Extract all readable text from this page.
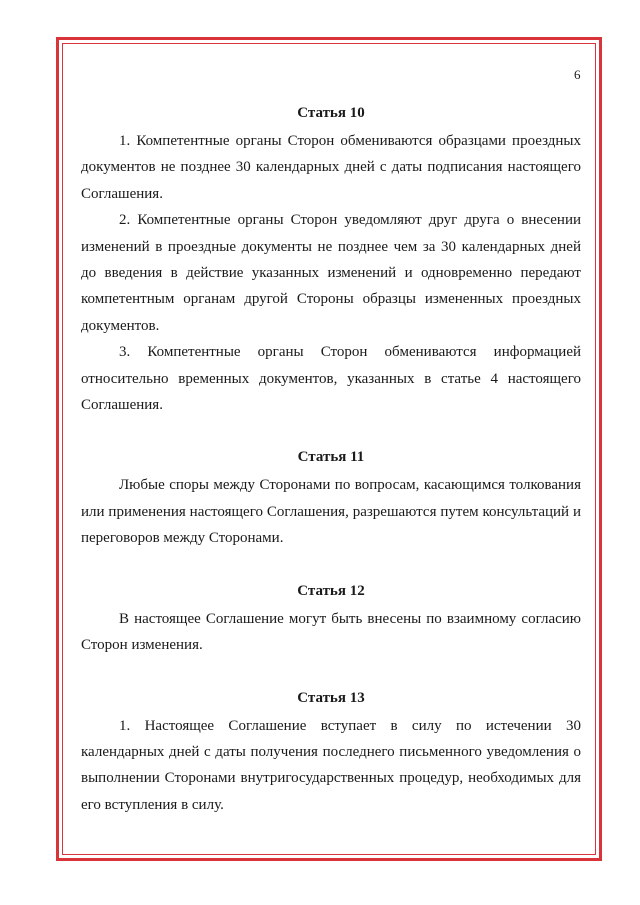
6
Статья 10

1. Компетентные органы Сторон обмениваются образцами проездных документов не позднее 30 календарных дней с даты подписания настоящего Соглашения.

2. Компетентные органы Сторон уведомляют друг друга о внесении изменений в проездные документы не позднее чем за 30 календарных дней до введения в действие указанных изменений и одновременно передают компетентным органам другой Стороны образцы измененных проездных документов.

3. Компетентные органы Сторон обмениваются информацией относительно временных документов, указанных в статье 4 настоящего Соглашения.

Статья 11

Любые споры между Сторонами по вопросам, касающимся толкования или применения настоящего Соглашения, разрешаются путем консультаций и переговоров между Сторонами.

Статья 12

В настоящее Соглашение могут быть внесены по взаимному согласию Сторон изменения.

Статья 13

1. Настоящее Соглашение вступает в силу по истечении 30 календарных дней с даты получения последнего письменного уведомления о выполнении Сторонами внутригосударственных процедур, необходимых для его вступления в силу.
